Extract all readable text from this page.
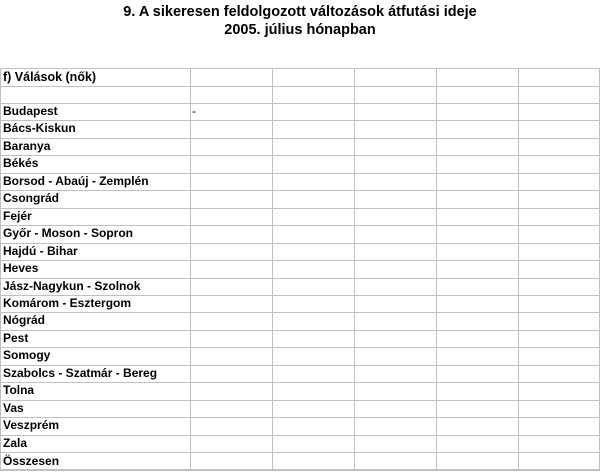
9. A sikeresen feldolgozott változások átfutási ideje
2005. július hónapban
f) Válások (nők)
Budapest	-
Bács-Kiskun
Baranya
Békés
Borsod - Abaúj - Zemplén
Csongrád
Fejér
Győr - Moson - Sopron
Hajdú - Bihar
Heves
Jász-Nagykun - Szolnok
Komárom - Esztergom
Nógrád
Pest
Somogy
Szabolcs - Szatmár - Bereg
Tolna
Vas
Veszprém
Zala
Összesen
